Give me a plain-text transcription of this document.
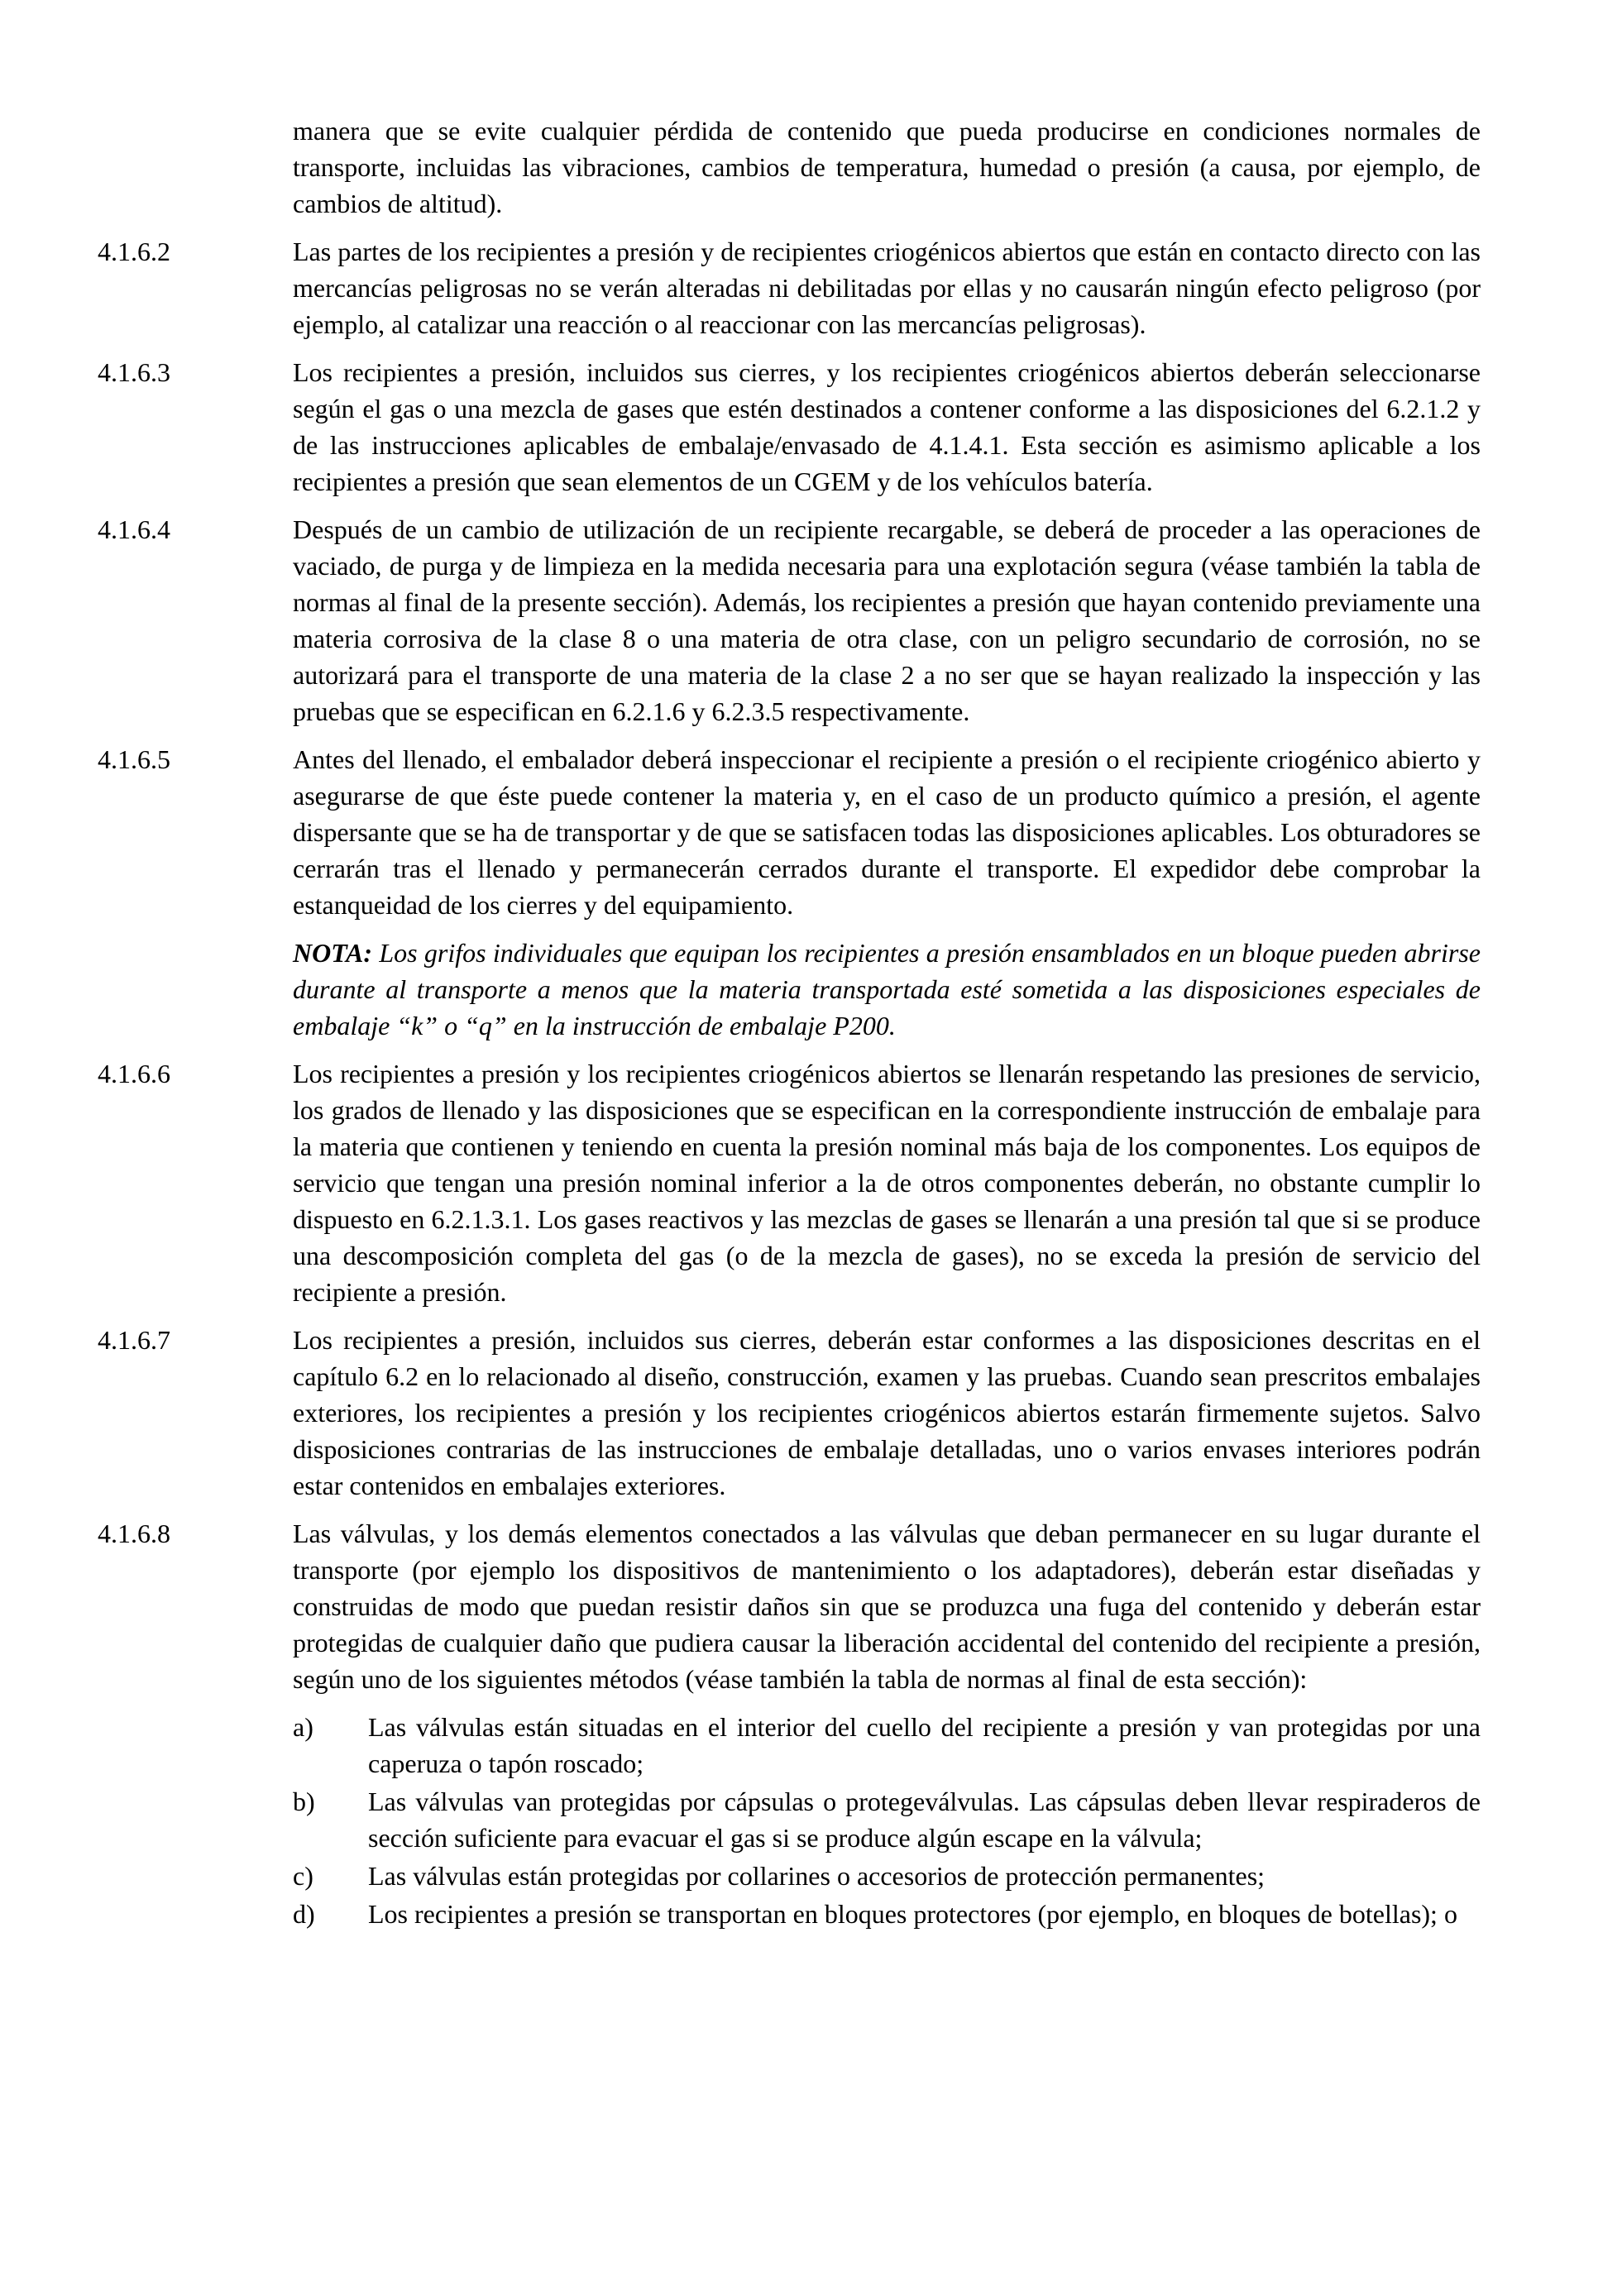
manera que se evite cualquier pérdida de contenido que pueda producirse en condiciones normales de transporte, incluidas las vibraciones, cambios de temperatura, humedad o presión (a causa, por ejemplo, de cambios de altitud).
4.1.6.2	Las partes de los recipientes a presión y de recipientes criogénicos abiertos que están en contacto directo con las mercancías peligrosas no se verán alteradas ni debilitadas por ellas y no causarán ningún efecto peligroso (por ejemplo, al catalizar una reacción o al reaccionar con las mercancías peligrosas).
4.1.6.3	Los recipientes a presión, incluidos sus cierres, y los recipientes criogénicos abiertos deberán seleccionarse según el gas o una mezcla de gases que estén destinados a contener conforme a las disposiciones del 6.2.1.2 y de las instrucciones aplicables de embalaje/envasado de 4.1.4.1. Esta sección es asimismo aplicable a los recipientes a presión que sean elementos de un CGEM y de los vehículos batería.
4.1.6.4	Después de un cambio de utilización de un recipiente recargable, se deberá de proceder a las operaciones de vaciado, de purga y de limpieza en la medida necesaria para una explotación segura (véase también la tabla de normas al final de la presente sección). Además, los recipientes a presión que hayan contenido previamente una materia corrosiva de la clase 8 o una materia de otra clase, con un peligro secundario de corrosión, no se autorizará para el transporte de una materia de la clase 2 a no ser que se hayan realizado la inspección y las pruebas que se especifican en 6.2.1.6 y 6.2.3.5 respectivamente.
4.1.6.5	Antes del llenado, el embalador deberá inspeccionar el recipiente a presión o el recipiente criogénico abierto y asegurarse de que éste puede contener la materia y, en el caso de un producto químico a presión, el agente dispersante que se ha de transportar y de que se satisfacen todas las disposiciones aplicables. Los obturadores se cerrarán tras el llenado y permanecerán cerrados durante el transporte. El expedidor debe comprobar la estanqueidad de los cierres y del equipamiento.
NOTA: Los grifos individuales que equipan los recipientes a presión ensamblados en un bloque pueden abrirse durante al transporte a menos que la materia transportada esté sometida a las disposiciones especiales de embalaje “k” o “q” en la instrucción de embalaje P200.
4.1.6.6	Los recipientes a presión y los recipientes criogénicos abiertos se llenarán respetando las presiones de servicio, los grados de llenado y las disposiciones que se especifican en la correspondiente instrucción de embalaje para la materia que contienen y teniendo en cuenta la presión nominal más baja de los componentes. Los equipos de servicio que tengan una presión nominal inferior a la de otros componentes deberán, no obstante cumplir lo dispuesto en 6.2.1.3.1. Los gases reactivos y las mezclas de gases se llenarán a una presión tal que si se produce una descomposición completa del gas (o de la mezcla de gases), no se exceda la presión de servicio del recipiente a presión.
4.1.6.7	Los recipientes a presión, incluidos sus cierres, deberán estar conformes a las disposiciones descritas en el capítulo 6.2 en lo relacionado al diseño, construcción, examen y las pruebas. Cuando sean prescritos embalajes exteriores, los recipientes a presión y los recipientes criogénicos abiertos estarán firmemente sujetos. Salvo disposiciones contrarias de las instrucciones de embalaje detalladas, uno o varios envases interiores podrán estar contenidos en embalajes exteriores.
4.1.6.8	Las válvulas, y los demás elementos conectados a las válvulas que deban permanecer en su lugar durante el transporte (por ejemplo los dispositivos de mantenimiento o los adaptadores), deberán estar diseñadas y construidas de modo que puedan resistir daños sin que se produzca una fuga del contenido y deberán estar protegidas de cualquier daño que pudiera causar la liberación accidental del contenido del recipiente a presión, según uno de los siguientes métodos (véase también la tabla de normas al final de esta sección):
a)	Las válvulas están situadas en el interior del cuello del recipiente a presión y van protegidas por una caperuza o tapón roscado;
b)	Las válvulas van protegidas por cápsulas o protegeválvulas. Las cápsulas deben llevar respiraderos de sección suficiente para evacuar el gas si se produce algún escape en la válvula;
c)	Las válvulas están protegidas por collarines o accesorios de protección permanentes;
d)	Los recipientes a presión se transportan en bloques protectores (por ejemplo, en bloques de botellas); o
